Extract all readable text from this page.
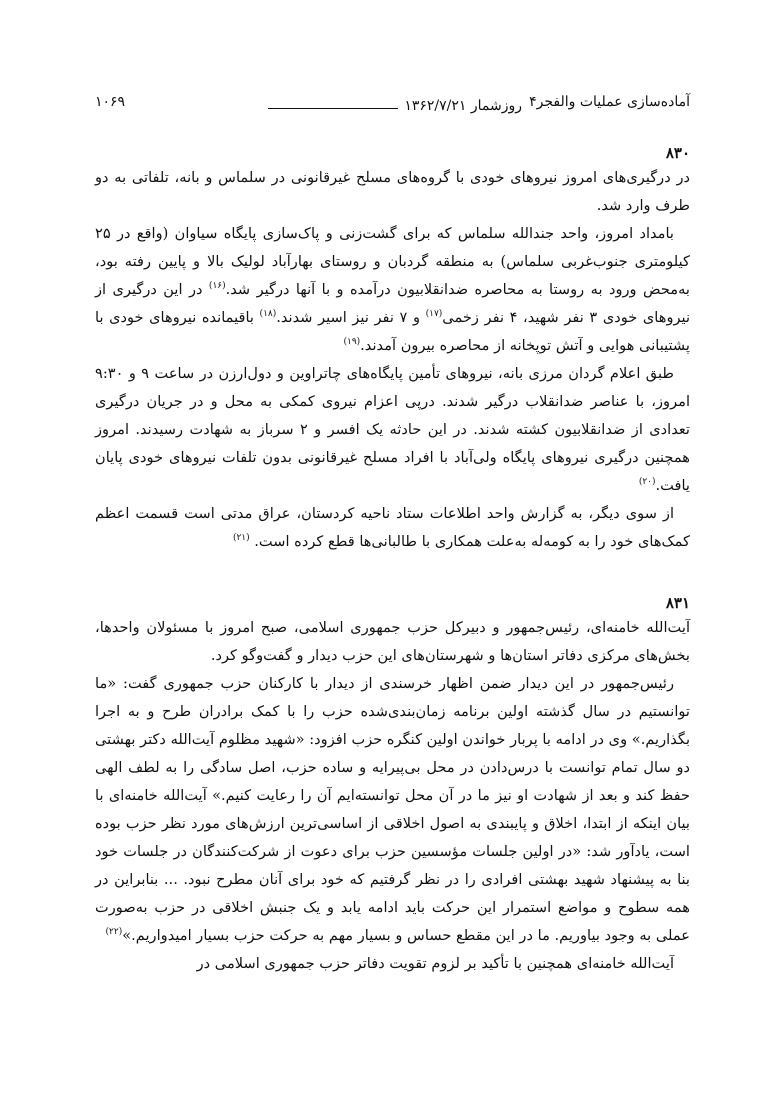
آماده‌سازی عملیات والفجر۴
روزشمار ۱۳۶۲/۷/۲۱
۱۰۶۹
۸۳۰

در درگیری‌های امروز نیروهای خودی با گروه‌های مسلح غیرقانونی در سلماس و بانه، تلفاتی به دو طرف وارد شد.

بامداد امروز، واحد جندالله سلماس که برای گشت‌زنی و پاک‌سازی پایگاه سیاوان (واقع در ۲۵ کیلومتری جنوب‌غربی سلماس) به منطقه گردبان و روستای بهارآباد لولیک بالا و پایین رفته بود، به‌محض ورود به روستا به محاصره ضدانقلابیون درآمده و با آنها درگیر شد.$^{(۱۶)}$ در این درگیری از نیروهای خودی ۳ نفر شهید، ۴ نفر زخمی$^{(۱۷)}$ و ۷ نفر نیز اسیر شدند.$^{(۱۸)}$ باقیمانده نیروهای خودی با پشتیبانی هوایی و آتش توپخانه از محاصره بیرون آمدند.$^{(۱۹)}$

طبق اعلام گردان مرزی بانه، نیروهای تأمین پایگاه‌های چاتراوین و دول‌ارزن در ساعت ۹ و ۹:۳۰ امروز، با عناصر ضدانقلاب درگیر شدند. درپی اعزام نیروی کمکی به محل و در جریان درگیری تعدادی از ضدانقلابیون کشته شدند. در این حادثه یک افسر و ۲ سرباز به شهادت رسیدند. امروز همچنین درگیری نیروهای پایگاه ولی‌آباد با افراد مسلح غیرقانونی بدون تلفات نیروهای خودی پایان یافت.$^{(۲۰)}$

از سوی دیگر، به گزارش واحد اطلاعات ستاد ناحیه کردستان، عراق مدتی است قسمت اعظم کمک‌های خود را به کومه‌له به‌علت همکاری با طالبانی‌ها قطع کرده است. $^{(۲۱)}$

۸۳۱

آیت‌الله خامنه‌ای، رئیس‌جمهور و دبیرکل حزب جمهوری اسلامی، صبح امروز با مسئولان واحدها، بخش‌های مرکزی دفاتر استان‌ها و شهرستان‌های این حزب دیدار و گفت‌وگو کرد.

رئیس‌جمهور در این دیدار ضمن اظهار خرسندی از دیدار با کارکنان حزب جمهوری گفت: «ما توانستیم در سال گذشته اولین برنامه زمان‌بندی‌شده حزب را با کمک برادران طرح و به اجرا بگذاریم.» وی در ادامه با پربار خواندن اولین کنگره حزب افزود: «شهید مظلوم آیت‌الله دکتر بهشتی دو سال تمام توانست با درس‌دادن در محل بی‌پیرایه و ساده حزب، اصل سادگی را به لطف الهی حفظ کند و بعد از شهادت او نیز ما در آن محل توانسته‌ایم آن را رعایت کنیم.» آیت‌الله خامنه‌ای با بیان اینکه از ابتدا، اخلاق و پایبندی به اصول اخلاقی از اساسی‌ترین ارزش‌های مورد نظر حزب بوده است، یادآور شد: «در اولین جلسات مؤسسین حزب برای دعوت از شرکت‌کنندگان در جلسات خود بنا به پیشنهاد شهید بهشتی افرادی را در نظر گرفتیم که خود برای آنان مطرح نبود. ... بنابراین در همه سطوح و مواضع استمرار این حرکت باید ادامه یابد و یک جنبش اخلاقی در حزب به‌صورت عملی به وجود بیاوریم. ما در این مقطع حساس و بسیار مهم به حرکت حزب بسیار امیدواریم.»$^{(۲۲)}$

آیت‌الله خامنه‌ای همچنین با تأکید بر لزوم تقویت دفاتر حزب جمهوری اسلامی در
